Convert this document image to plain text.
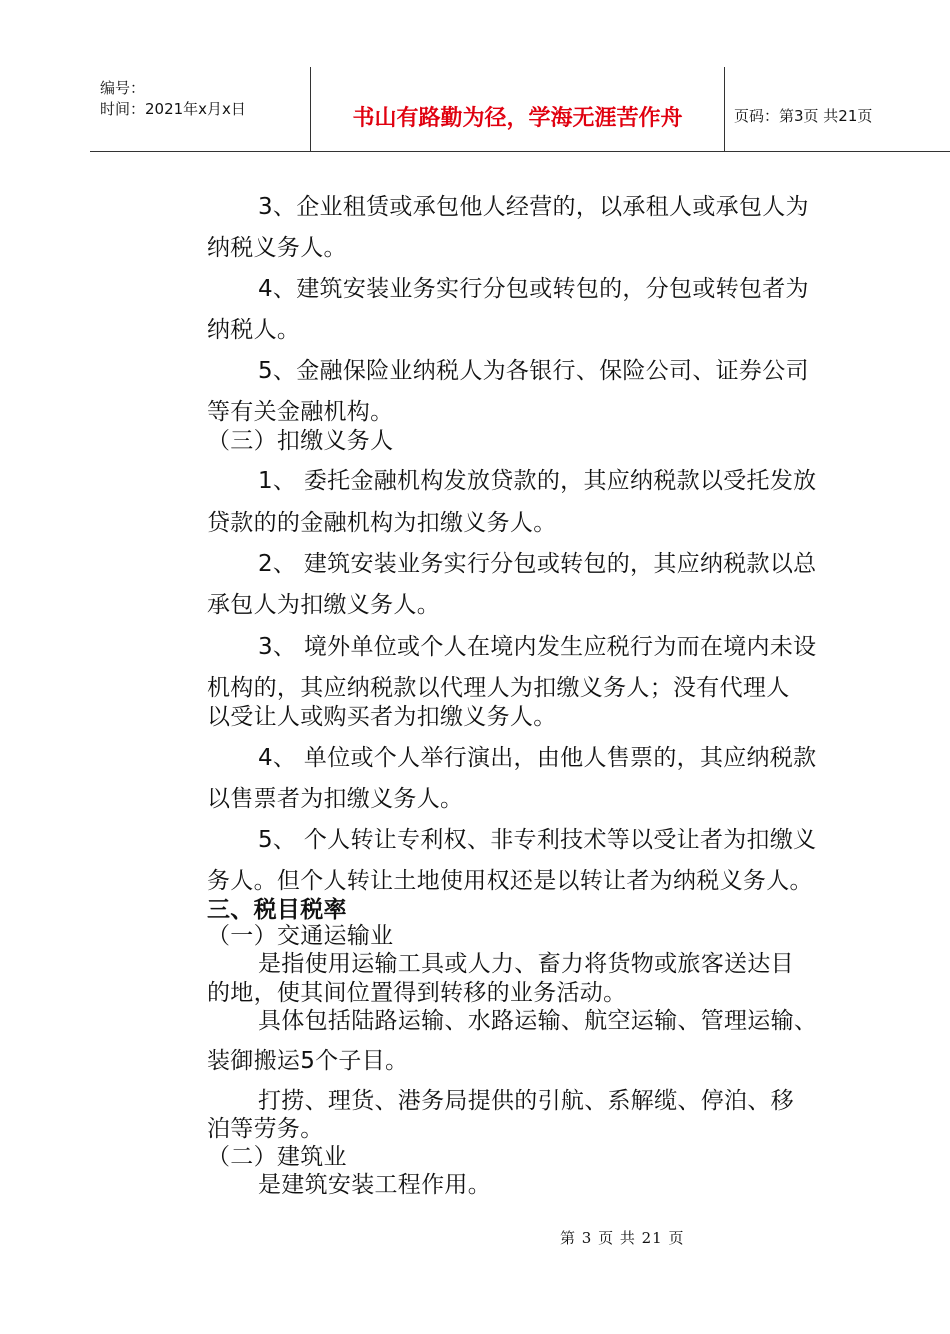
编号：
时间：2021年x月x日	书山有路勤为径，学海无涯苦作舟	页码：第3页 共21页
3、企业租赁或承包他人经营的，以承租人或承包人为
纳税义务人。
4、建筑安装业务实行分包或转包的，分包或转包者为
纳税人。
5、金融保险业纳税人为各银行、保险公司、证券公司
等有关金融机构。
（三）扣缴义务人
1、 委托金融机构发放贷款的，其应纳税款以受托发放
贷款的的金融机构为扣缴义务人。
2、 建筑安装业务实行分包或转包的，其应纳税款以总
承包人为扣缴义务人。
3、 境外单位或个人在境内发生应税行为而在境内未设
机构的，其应纳税款以代理人为扣缴义务人；没有代理人
以受让人或购买者为扣缴义务人。
4、 单位或个人举行演出，由他人售票的，其应纳税款
以售票者为扣缴义务人。
5、 个人转让专利权、非专利技术等以受让者为扣缴义
务人。但个人转让土地使用权还是以转让者为纳税义务人。
三、税目税率
（一）交通运输业
是指使用运输工具或人力、畜力将货物或旅客送达目
的地，使其间位置得到转移的业务活动。
具体包括陆路运输、水路运输、航空运输、管理运输、
装御搬运5个子目。
打捞、理货、港务局提供的引航、系解缆、停泊、移
泊等劳务。
（二）建筑业
是建筑安装工程作用。
第 3 页 共 21 页
